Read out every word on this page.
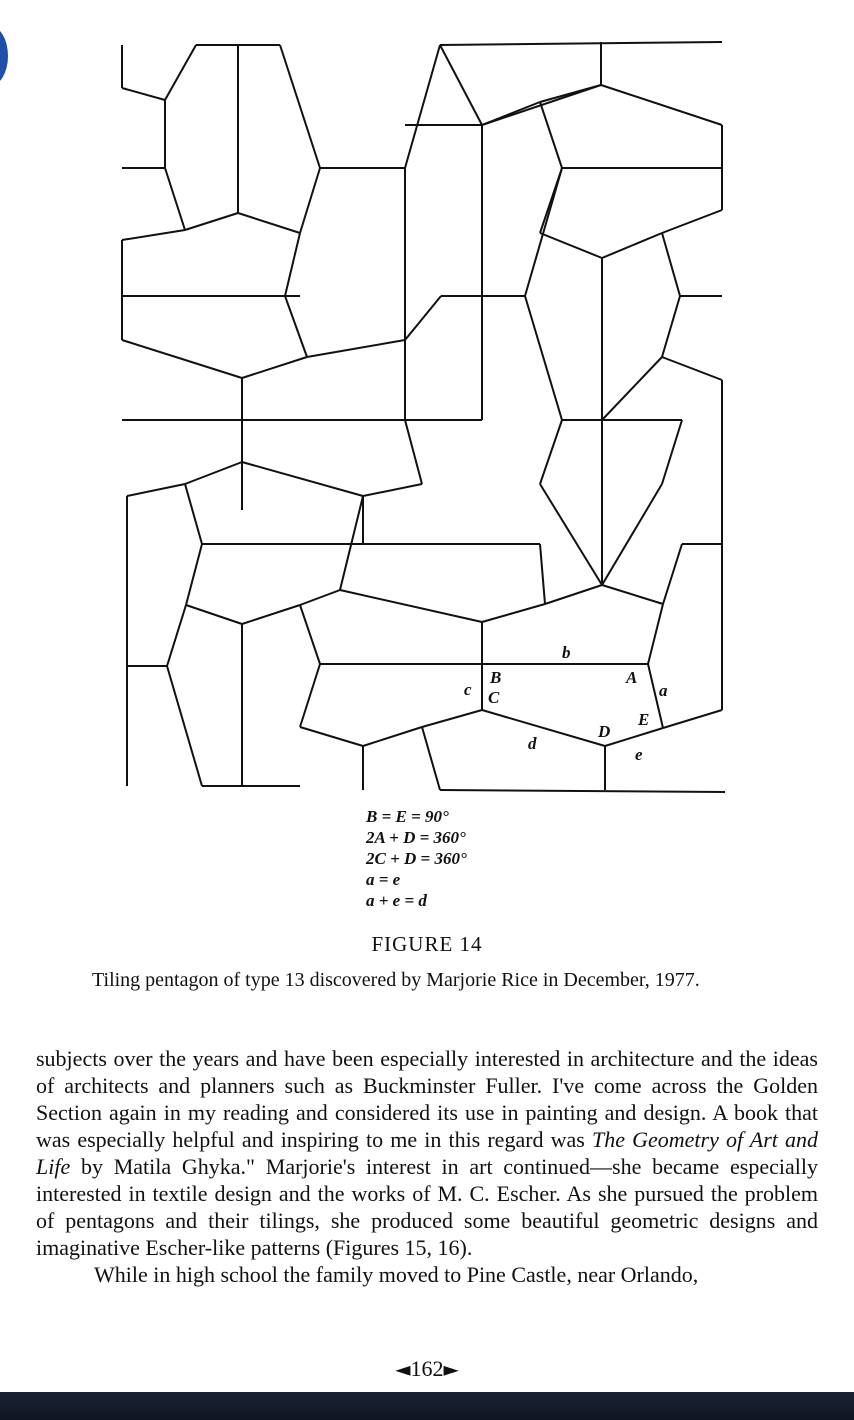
b
c
B
C
A
a
E
D
d
e
B = E = 90°
2A + D = 360°
2C + D = 360°
a = e
a + e = d
FIGURE 14
Tiling pentagon of type 13 discovered by Marjorie Rice in December, 1977.

subjects over the years and have been especially interested in architecture and the ideas of architects and planners such as Buckminster Fuller. I've come across the Golden Section again in my reading and considered its use in painting and design. A book that was especially helpful and inspiring to me in this regard was The Geometry of Art and Life by Matila Ghyka." Marjorie's interest in art continued—she became especially interested in textile design and the works of M. C. Escher. As she pursued the problem of pentagons and their tilings, she produced some beautiful geometric designs and imaginative Escher-like patterns (Figures 15, 16).

While in high school the family moved to Pine Castle, near Orlando,

◄162►
